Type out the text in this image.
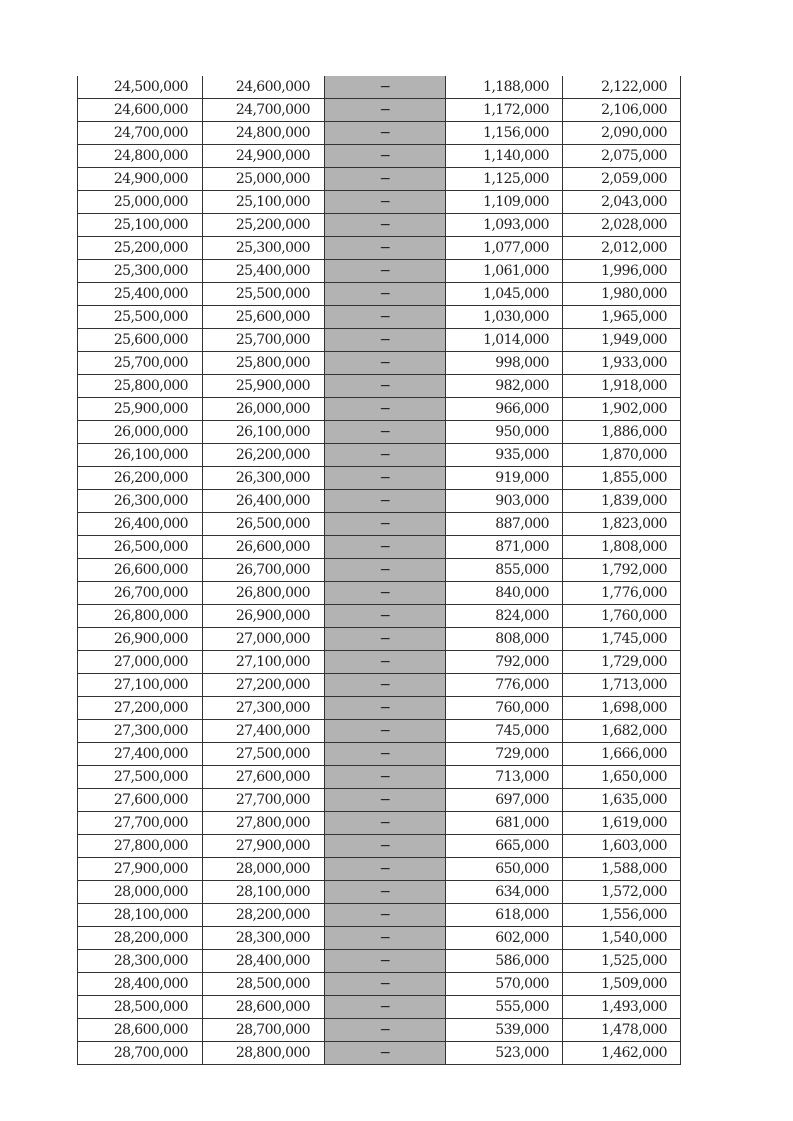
24,500,000	24,600,000	−	1,188,000	2,122,000
24,600,000	24,700,000	−	1,172,000	2,106,000
24,700,000	24,800,000	−	1,156,000	2,090,000
24,800,000	24,900,000	−	1,140,000	2,075,000
24,900,000	25,000,000	−	1,125,000	2,059,000
25,000,000	25,100,000	−	1,109,000	2,043,000
25,100,000	25,200,000	−	1,093,000	2,028,000
25,200,000	25,300,000	−	1,077,000	2,012,000
25,300,000	25,400,000	−	1,061,000	1,996,000
25,400,000	25,500,000	−	1,045,000	1,980,000
25,500,000	25,600,000	−	1,030,000	1,965,000
25,600,000	25,700,000	−	1,014,000	1,949,000
25,700,000	25,800,000	−	998,000	1,933,000
25,800,000	25,900,000	−	982,000	1,918,000
25,900,000	26,000,000	−	966,000	1,902,000
26,000,000	26,100,000	−	950,000	1,886,000
26,100,000	26,200,000	−	935,000	1,870,000
26,200,000	26,300,000	−	919,000	1,855,000
26,300,000	26,400,000	−	903,000	1,839,000
26,400,000	26,500,000	−	887,000	1,823,000
26,500,000	26,600,000	−	871,000	1,808,000
26,600,000	26,700,000	−	855,000	1,792,000
26,700,000	26,800,000	−	840,000	1,776,000
26,800,000	26,900,000	−	824,000	1,760,000
26,900,000	27,000,000	−	808,000	1,745,000
27,000,000	27,100,000	−	792,000	1,729,000
27,100,000	27,200,000	−	776,000	1,713,000
27,200,000	27,300,000	−	760,000	1,698,000
27,300,000	27,400,000	−	745,000	1,682,000
27,400,000	27,500,000	−	729,000	1,666,000
27,500,000	27,600,000	−	713,000	1,650,000
27,600,000	27,700,000	−	697,000	1,635,000
27,700,000	27,800,000	−	681,000	1,619,000
27,800,000	27,900,000	−	665,000	1,603,000
27,900,000	28,000,000	−	650,000	1,588,000
28,000,000	28,100,000	−	634,000	1,572,000
28,100,000	28,200,000	−	618,000	1,556,000
28,200,000	28,300,000	−	602,000	1,540,000
28,300,000	28,400,000	−	586,000	1,525,000
28,400,000	28,500,000	−	570,000	1,509,000
28,500,000	28,600,000	−	555,000	1,493,000
28,600,000	28,700,000	−	539,000	1,478,000
28,700,000	28,800,000	−	523,000	1,462,000
